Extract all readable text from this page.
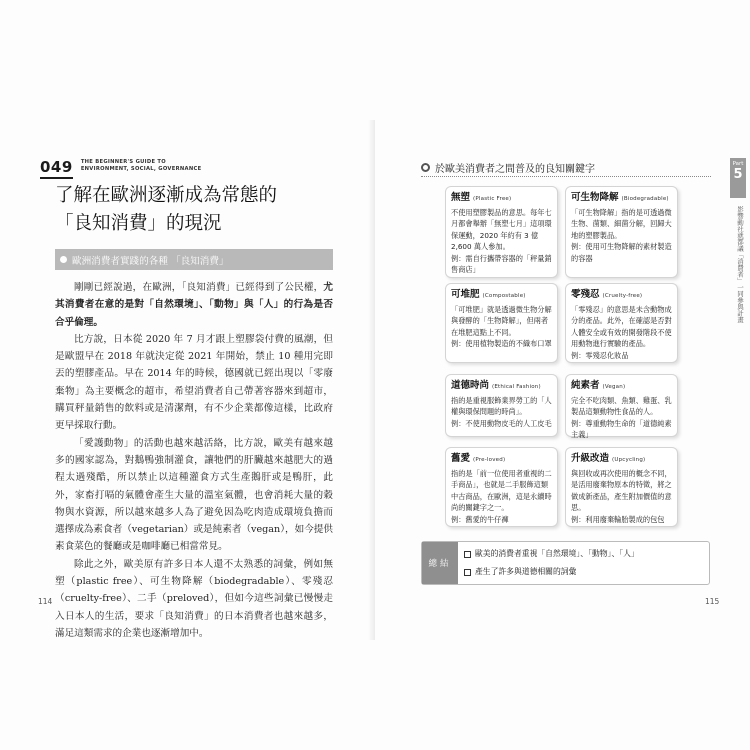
049 THE BEGINNER'S GUIDE TO
ENVIRONMENT, SOCIAL, GOVERNANCE
了解在歐洲逐漸成為常態的
「良知消費」的現況
歐洲消費者實踐的各種 「良知消費」

剛剛已經說過，在歐洲，「良知消費」已經得到了公民權，尤其消費者在意的是對「自然環境」、「動物」與「人」的行為是否合乎倫理。

比方說，日本從 2020 年 7 月才跟上塑膠袋付費的風潮，但是歐盟早在 2018 年就決定從 2021 年開始，禁止 10 種用完即丟的塑膠產品。早在 2014 年的時候，德國就已經出現以「零廢棄物」為主要概念的超市，希望消費者自己帶著容器來到超市，購買秤量銷售的飲料或是清潔劑，有不少企業都像這樣，比政府更早採取行動。

「愛護動物」的活動也越來越活絡，比方說，歐美有越來越多的國家認為，對鵝鴨強制灌食，讓牠們的肝臟越來越肥大的過程太過殘酷，所以禁止以這種灌食方式生產鵝肝或是鴨肝，此外，家畜打嗝的氣體會產生大量的溫室氣體，也會消耗大量的穀物與水資源，所以越來越多人為了避免因為吃肉造成環境負擔而選擇成為素食者（vegetarian）或是純素者（vegan），如今提供素食菜色的餐廳或是咖啡廳已相當常見。

除此之外，歐美原有許多日本人還不太熟悉的詞彙，例如無塑（plastic free）、可生物降解（biodegradable）、零殘忍（cruelty-free）、二手（preloved），但如今這些詞彙已慢慢走入日本人的生活，要求「良知消費」的日本消費者也越來越多，滿足這類需求的企業也逐漸增加中。

114
於歐美消費者之間普及的良知關鍵字	Part
5
影響動社就都議「消費者」一同參與計畫
無塑 (Plastic Free)
不使用塑膠製品的意思。每年七月都會舉辦「無塑七月」這項環保運動，2020 年約有 3 億 2,600 萬人參加。
例：需自行攜帶容器的「秤量銷售商店」
可生物降解 (Biodegradable)
「可生物降解」指的是可透過微生物、菌類、細菌分解，回歸大地的塑膠製品。
例：使用可生物降解的素材製造的容器
可堆肥 (Compostable)
「可堆肥」就是透過微生物分解與發酵的「生物降解」，但兩者在堆肥這點上不同。
例：使用植物製造的不織布口罩
零殘忍 (Cruelty-free)
「零殘忍」的意思是未含動物成分的產品。此外，在確認是否對人體安全或有效的開發階段不使用動物進行實驗的產品。
例：零殘忍化妝品
道德時尚 (Ethical Fashion)
指的是重視服飾業界勞工的「人權與環保問題的時尚」。
例：不使用動物皮毛的人工皮毛
純素者 (Vegan)
完全不吃肉類、魚類、雞蛋、乳製品這類動物性食品的人。
例：尊重動物生命的「道德純素主義」
舊愛 (Pre-loved)
指的是「前一位使用者重視的二手商品」，也就是二手服飾這類中古商品，在歐洲，這是永續時尚的關鍵字之一。
例：舊愛的牛仔褲
升級改造 (Upcycling)
與回收或再次使用的概念不同，是活用廢棄物原本的特徵，將之做成新產品，產生附加價值的意思。
例：利用廢棄輪胎製成的包包
總結
歐美的消費者重視「自然環境」、「動物」、「人」
產生了許多與道德相關的詞彙
115
